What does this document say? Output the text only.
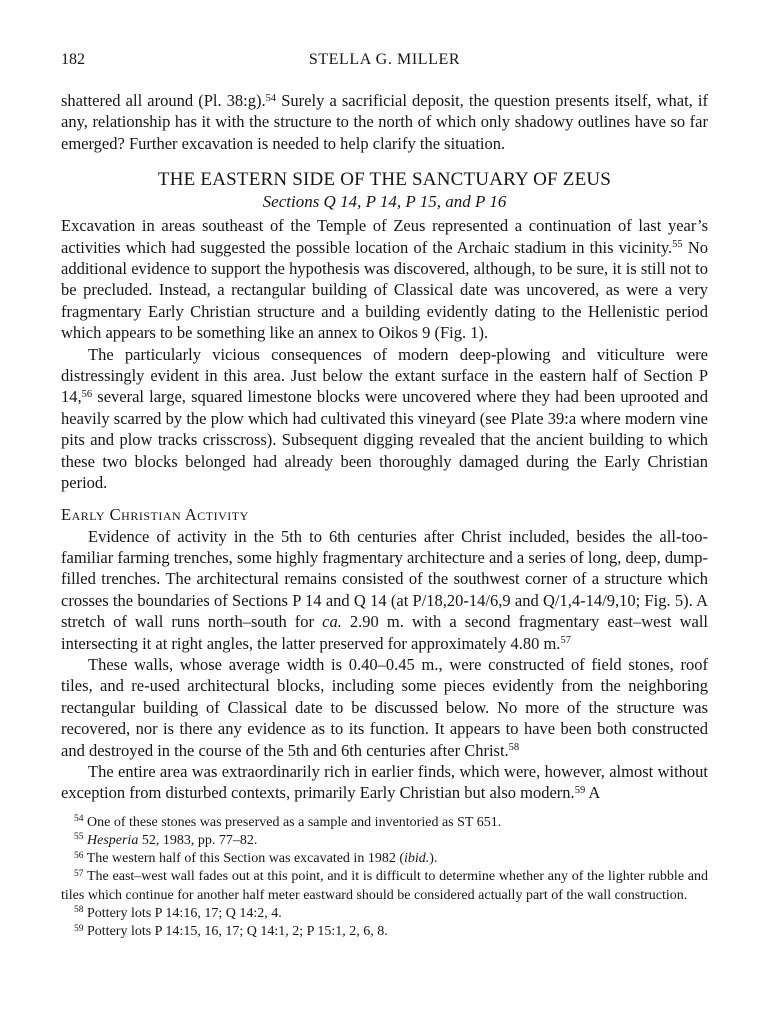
182	STELLA G. MILLER

shattered all around (Pl. 38:g).$^{54}$ Surely a sacrificial deposit, the question presents itself, what, if any, relationship has it with the structure to the north of which only shadowy outlines have so far emerged? Further excavation is needed to help clarify the situation.

THE EASTERN SIDE OF THE SANCTUARY OF ZEUS
Sections Q 14, P 14, P 15, and P 16

Excavation in areas southeast of the Temple of Zeus represented a continuation of last year’s activities which had suggested the possible location of the Archaic stadium in this vicinity.$^{55}$ No additional evidence to support the hypothesis was discovered, although, to be sure, it is still not to be precluded. Instead, a rectangular building of Classical date was uncovered, as were a very fragmentary Early Christian structure and a building evidently dating to the Hellenistic period which appears to be something like an annex to Oikos 9 (Fig. 1).

The particularly vicious consequences of modern deep-plowing and viticulture were distressingly evident in this area. Just below the extant surface in the eastern half of Section P 14,56 several large, squared limestone blocks were uncovered where they had been uprooted and heavily scarred by the plow which had cultivated this vineyard (see Plate 39:a where modern vine pits and plow tracks crisscross). Subsequent digging revealed that the ancient building to which these two blocks belonged had already been thoroughly damaged during the Early Christian period.

Early Christian Activity

Evidence of activity in the 5th to 6th centuries after Christ included, besides the all-too-familiar farming trenches, some highly fragmentary architecture and a series of long, deep, dump-filled trenches. The architectural remains consisted of the southwest corner of a structure which crosses the boundaries of Sections P 14 and Q 14 (at P/18,20-14/6,9 and Q/1,4-14/9,10; Fig. 5). A stretch of wall runs north–south for ca. 2.90 m. with a second fragmentary east–west wall intersecting it at right angles, the latter preserved for approximately 4.80 m.$^{57}$

These walls, whose average width is 0.40–0.45 m., were constructed of field stones, roof tiles, and re-used architectural blocks, including some pieces evidently from the neighboring rectangular building of Classical date to be discussed below. No more of the structure was recovered, nor is there any evidence as to its function. It appears to have been both constructed and destroyed in the course of the 5th and 6th centuries after Christ.$^{58}$

The entire area was extraordinarily rich in earlier finds, which were, however, almost without exception from disturbed contexts, primarily Early Christian but also modern.$^{59}$ A

$^{54}$ One of these stones was preserved as a sample and inventoried as ST 651.

$^{55}$ Hesperia 52, 1983, pp. 77–82.

$^{56}$ The western half of this Section was excavated in 1982 (ibid.).

$^{57}$ The east–west wall fades out at this point, and it is difficult to determine whether any of the lighter rubble and tiles which continue for another half meter eastward should be considered actually part of the wall construction.

$^{58}$ Pottery lots P 14:16, 17; Q 14:2, 4.

$^{59}$ Pottery lots P 14:15, 16, 17; Q 14:1, 2; P 15:1, 2, 6, 8.
